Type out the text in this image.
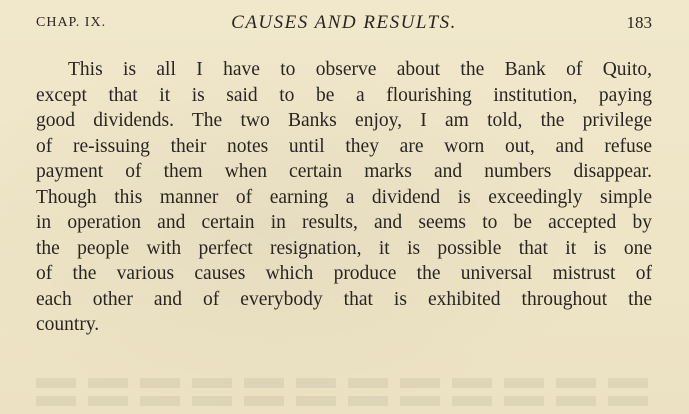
CHAP. IX.	CAUSES AND RESULTS.	183
This is all I have to observe about the Bank of Quito,
except that it is said to be a flourishing institution, paying
good dividends. The two Banks enjoy, I am told, the privilege
of re-issuing their notes until they are worn out, and refuse
payment of them when certain marks and numbers disappear.
Though this manner of earning a dividend is exceedingly simple
in operation and certain in results, and seems to be accepted by
the people with perfect resignation, it is possible that it is one
of the various causes which produce the universal mistrust of
each other and of everybody that is exhibited throughout the
country.
